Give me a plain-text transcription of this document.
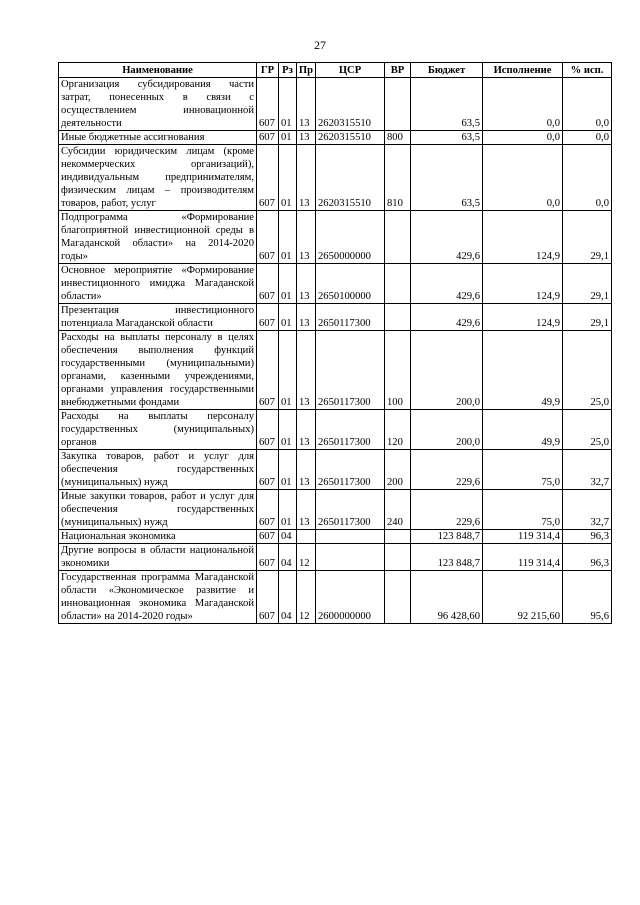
27
Наименование	ГР	Рз	Пр	ЦСР	ВР	Бюджет	Исполнение	% исп.
Организация субсидирования части затрат, понесенных в связи с осуществлением инновационной деятельности	607	01	13	2620315510		63,5	0,0	0,0
Иные бюджетные ассигнования	607	01	13	2620315510	800	63,5	0,0	0,0
Субсидии юридическим лицам (кроме некоммерческих организаций), индивидуальным предпринимателям, физическим лицам – производителям товаров, работ, услуг	607	01	13	2620315510	810	63,5	0,0	0,0
Подпрограмма «Формирование благоприятной инвестиционной среды в Магаданской области» на 2014-2020 годы»	607	01	13	2650000000		429,6	124,9	29,1
Основное мероприятие «Формирование инвестиционного имиджа Магаданской области»	607	01	13	2650100000		429,6	124,9	29,1
Презентация инвестиционного потенциала Магаданской области	607	01	13	2650117300		429,6	124,9	29,1
Расходы на выплаты персоналу в целях обеспечения выполнения функций государственными (муниципальными) органами, казенными учреждениями, органами управления государственными внебюджетными фондами	607	01	13	2650117300	100	200,0	49,9	25,0
Расходы на выплаты персоналу государственных (муниципальных) органов	607	01	13	2650117300	120	200,0	49,9	25,0
Закупка товаров, работ и услуг для обеспечения государственных (муниципальных) нужд	607	01	13	2650117300	200	229,6	75,0	32,7
Иные закупки товаров, работ и услуг для обеспечения государственных (муниципальных) нужд	607	01	13	2650117300	240	229,6	75,0	32,7
Национальная экономика	607	04				123 848,7	119 314,4	96,3
Другие вопросы в области национальной экономики	607	04	12			123 848,7	119 314,4	96,3
Государственная программа Магаданской области «Экономическое развитие и инновационная экономика Магаданской области» на 2014-2020 годы»	607	04	12	2600000000		96 428,60	92 215,60	95,6
